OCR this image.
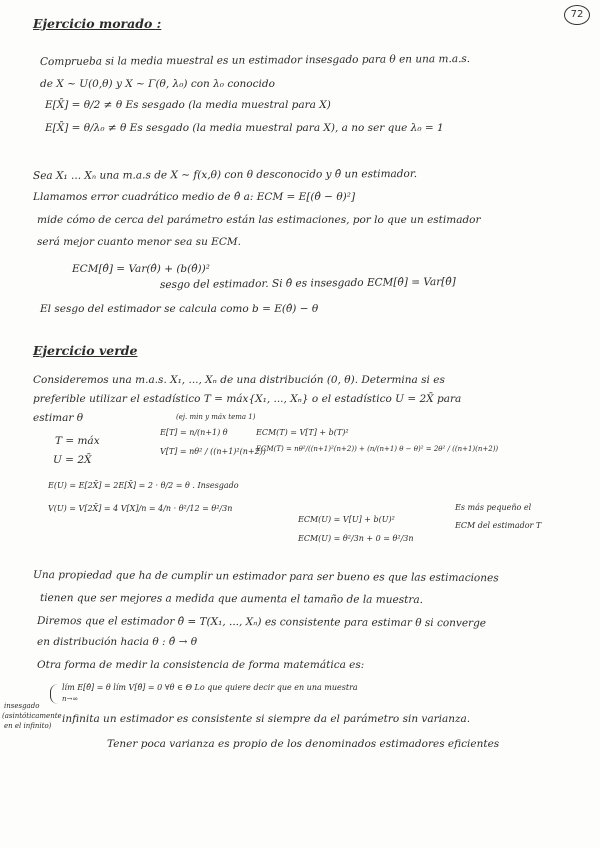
72
Ejercicio morado :
Comprueba si la media muestral es un estimador insesgado para θ en una m.a.s.
de X ~ U(0,θ) y X ~ Γ(θ, λ₀) con λ₀ conocido
E[X̄] = θ/2 ≠ θ Es sesgado (la media muestral para X)
E[X̄] = θ/λ₀ ≠ θ Es sesgado (la media muestral para X), a no ser que λ₀ = 1
Sea X₁ ... Xₙ una m.a.s de X ~ f(x,θ) con θ desconocido y θ̂ un estimador.
Llamamos error cuadrático medio de θ̂ a: ECM = E[(θ̂ − θ)²]
mide cómo de cerca del parámetro están las estimaciones, por lo que un estimador
será mejor cuanto menor sea su ECM.
ECM[θ̂] = Var(θ̂) + (b(θ̂))²
sesgo del estimador. Si θ̂ es insesgado ECM[θ̂] = Var[θ̂]
El sesgo del estimador se calcula como b = E(θ̂) − θ
Ejercicio verde
Consideremos una m.a.s. X₁, ..., Xₙ de una distribución (0, θ). Determina si es
preferible utilizar el estadístico T = máx{X₁, ..., Xₙ} o el estadístico U = 2X̄ para
estimar θ	(ej. min y máx tema 1)
T = máx
U = 2X̄
E[T] = n/(n+1) θ
V[T] = nθ² / ((n+1)²(n+2))
ECM(T) = V[T] + b(T)²
ECM(T) = nθ²/((n+1)²(n+2)) + (n/(n+1) θ − θ)² = 2θ² / ((n+1)(n+2))
E(U) = E[2X̄] = 2E[X̄] = 2 · θ/2 = θ . Insesgado
V(U) = V[2X̄] = 4 V[X]/n = 4/n · θ²/12 = θ²/3n
ECM(U) = V[U] + b(U)²
ECM(U) = θ²/3n + 0 = θ²/3n
Es más pequeño el
ECM del estimador T
Una propiedad que ha de cumplir un estimador para ser bueno es que las estimaciones
tienen que ser mejores a medida que aumenta el tamaño de la muestra.
Diremos que el estimador θ̂ = T(X₁, ..., Xₙ) es consistente para estimar θ si converge
en distribución hacia θ : θ̂ → θ
Otra forma de medir la consistencia de forma matemática es:
lím E[θ̂] = θ lím V[θ̂] = 0 ∀θ ∈ Θ Lo que quiere decir que en una muestra
n→∞
infinita un estimador es consistente si siempre da el parámetro sin varianza.
Tener poca varianza es propio de los denominados estimadores eficientes
insesgado
(asintóticamente
en el infinito)
